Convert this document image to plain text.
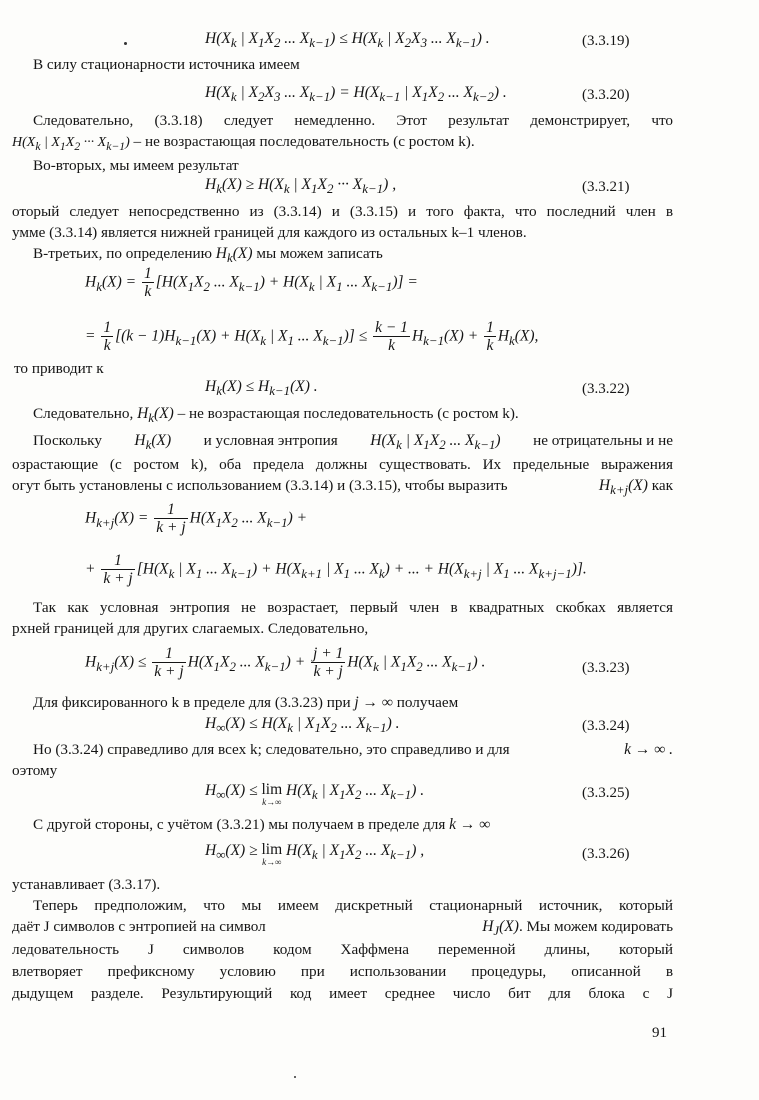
$H(X_k$ | $X_1X_2$ ... $X_{k-1}) \le H(X_k$ | $X_2X_3$ ... $X_{k-1}$) .	(3.3.19)
В силу стационарности источника имеем
$H(X_k$ | $X_2X_3$ ... $X_{k-1}) = H(X_{k-1}$ | $X_1X_2$ ... $X_{k-2}$) .	(3.3.20)
Следовательно, (3.3.18) следует немедленно. Этот результат демонстрирует, что
$H(X_k$ | $X_1X_2$ ··· $X_{k-1}$) – не возрастающая последовательность (с ростом k).
Во-вторых, мы имеем результат
$H_k(X) \ge H(X_k$ | $X_1X_2$ ··· $X_{k-1}$) ,	(3.3.21)
оторый следует непосредственно из (3.3.14) и (3.3.15) и того факта, что последний член в
умме (3.3.14) является нижней границей для каждого из остальных k–1 членов.
В-третьих, по определению $H_k(X)$ мы можем записать
$H_k(X) = \frac{1}{k} [H(X_1X_2$ ... $X_{k-1}) + H(X_k$ | $X_1$ ... $X_{k-1}$)] =
= $\frac{1}{k} [(k - 1)H_{k-1}(X) + H(X_k$ | $X_1$ ... $X_{k-1})] \le \frac{k - 1}{k} H_{k-1}(X) + \frac{1}{k} H_k(X)$,
то приводит к
$H_k(X) \le H_{k-1}(X)$ .	(3.3.22)
Следовательно, $H_k(X)$ – не возрастающая последовательность (с ростом k).
Поскольку $H_k(X)$ и условная энтропия $H(X_k$ | $X_1X_2$ ... $X_{k-1}$) не отрицательны и не
озрастающие (с ростом k), оба предела должны существовать. Их предельные выражения
огут быть установлены с использованием (3.3.14) и (3.3.15), чтобы выразить	$H_{k+j}(X)$ как
$H_{k+j}(X) = \frac{1}{k + j} H(X_1X_2$ ... $X_{k-1}$) +
+ $\frac{1}{k + j} [H(X_k$ | $X_1$ ... $X_{k-1}) + H(X_{k+1}$ | $X_1$ ... $X_k$) + ... + $H(X_{k+j}$ | $X_1$ ... $X_{k+j-1}$)].
Так как условная энтропия не возрастает, первый член в квадратных скобках является
рхней границей для других слагаемых. Следовательно,
$H_{k+j}(X) \le \frac{1}{k + j} H(X_1X_2$ ... $X_{k-1}) + \frac{j + 1}{k + j} H(X_k$ | $X_1X_2$ ... $X_{k-1}$) .	(3.3.23)
Для фиксированного k в пределе для (3.3.23) при j → ∞ получаем
$H_\infty(X) \le H(X_k$ | $X_1X_2$ ... $X_{k-1}$) .	(3.3.24)
Но (3.3.24) справедливо для всех k; следовательно, это справедливо и для	k → ∞ .
оэтому
$H_\infty(X) \le \lim$
k→∞
$H(X_k$ | $X_1X_2$ ... $X_{k-1}$) .	(3.3.25)
С другой стороны, с учётом (3.3.21) мы получаем в пределе для k → ∞
$H_\infty(X) \ge \lim$
k→∞
$H(X_k$ | $X_1X_2$ ... $X_{k-1}$) ,	(3.3.26)
устанавливает (3.3.17).
Теперь предположим, что мы имеем дискретный стационарный источник, который
даёт J символов с энтропией на символ	$H_J(X)$. Мы можем кодировать
ледовательность J символов кодом Хаффмена переменной длины, который
влетворяет префиксному условию при использовании процедуры, описанной в
дыдущем разделе. Результирующий код имеет среднее число бит для блока с J
91
